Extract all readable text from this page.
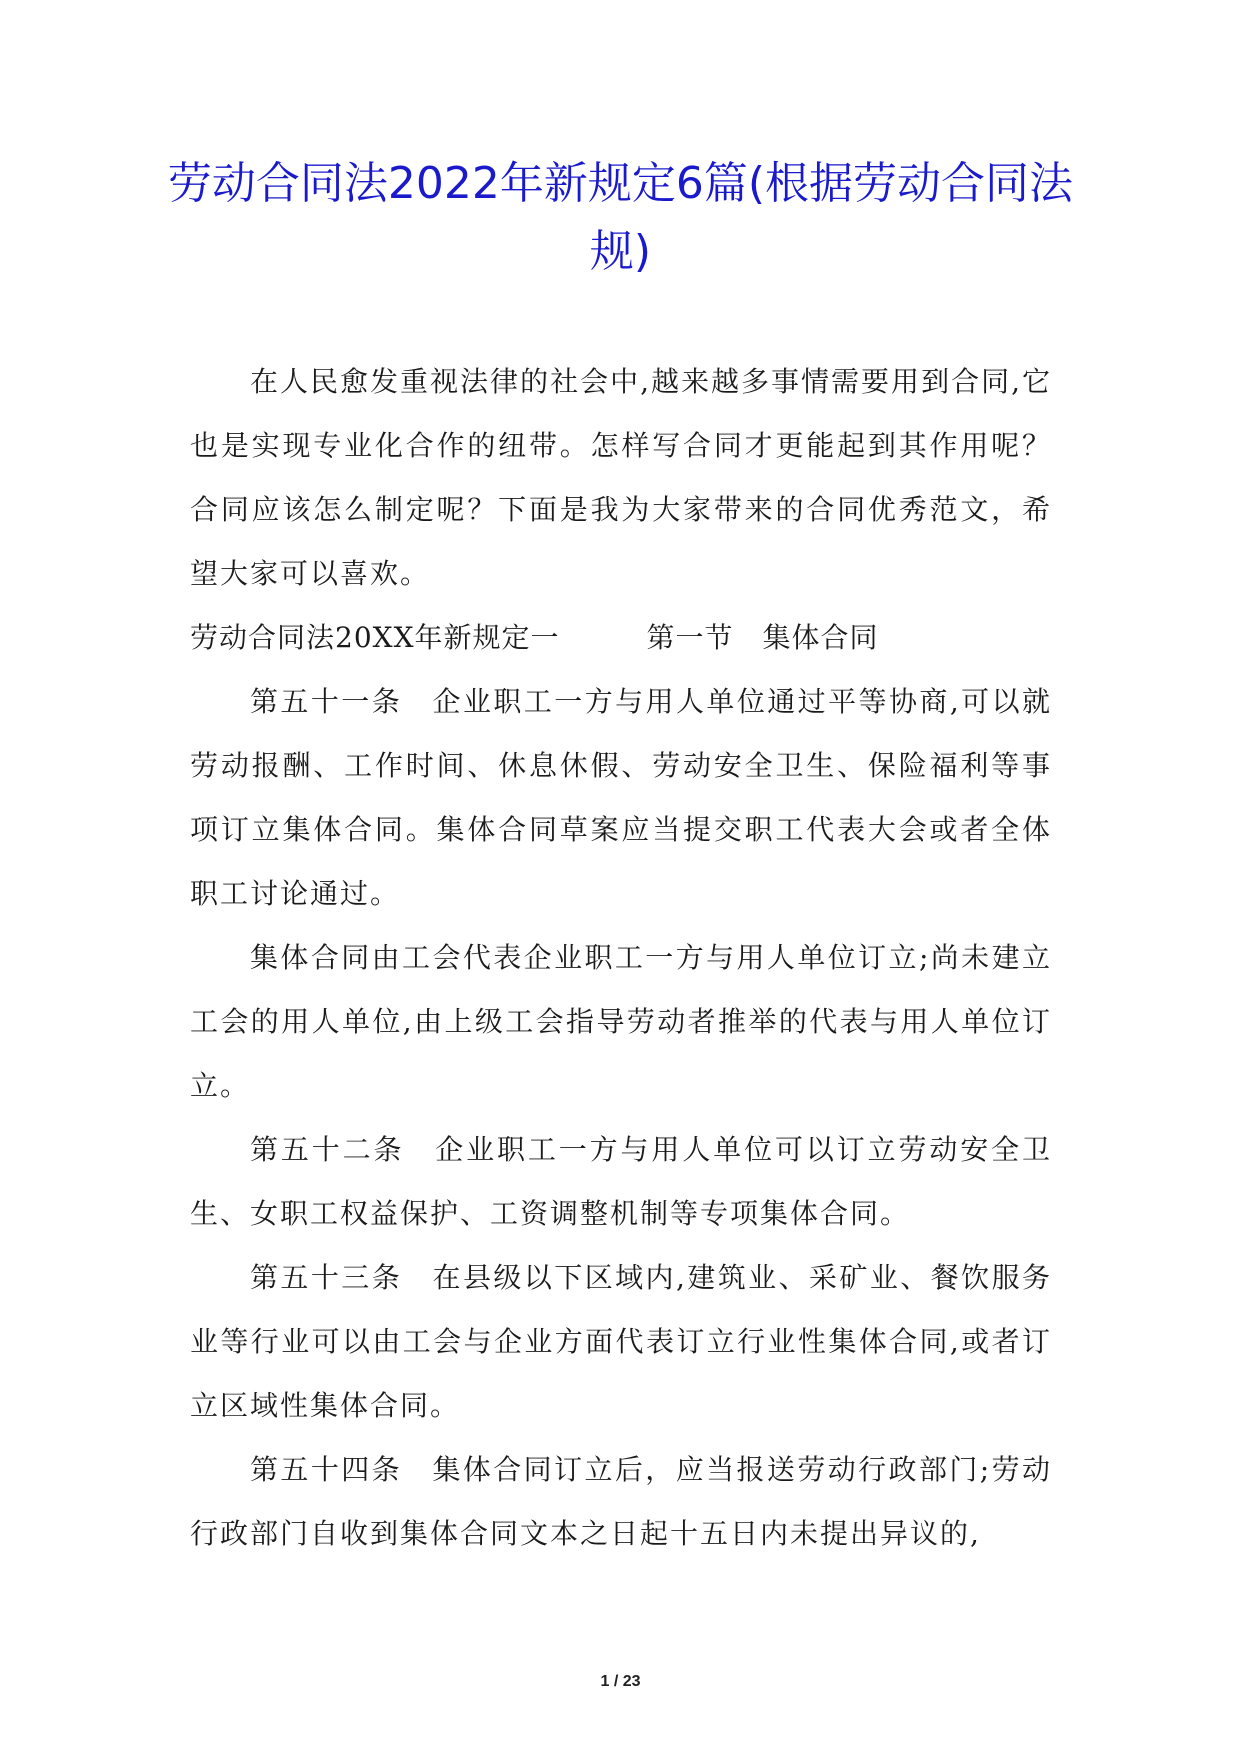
劳动合同法2022年新规定6篇(根据劳动合同法规)

在人民愈发重视法律的社会中,越来越多事情需要用到合同,它也是实现专业化合作的纽带。怎样写合同才更能起到其作用呢？合同应该怎么制定呢？下面是我为大家带来的合同优秀范文，希望大家可以喜欢。

劳动合同法20XX年新规定一　　　第一节　集体合同

第五十一条　企业职工一方与用人单位通过平等协商,可以就劳动报酬、工作时间、休息休假、劳动安全卫生、保险福利等事项订立集体合同。集体合同草案应当提交职工代表大会或者全体职工讨论通过。

集体合同由工会代表企业职工一方与用人单位订立;尚未建立工会的用人单位,由上级工会指导劳动者推举的代表与用人单位订立。

第五十二条　企业职工一方与用人单位可以订立劳动安全卫生、女职工权益保护、工资调整机制等专项集体合同。

第五十三条　在县级以下区域内,建筑业、采矿业、餐饮服务业等行业可以由工会与企业方面代表订立行业性集体合同,或者订立区域性集体合同。

第五十四条　集体合同订立后，应当报送劳动行政部门;劳动行政部门自收到集体合同文本之日起十五日内未提出异议的,

1 / 23
